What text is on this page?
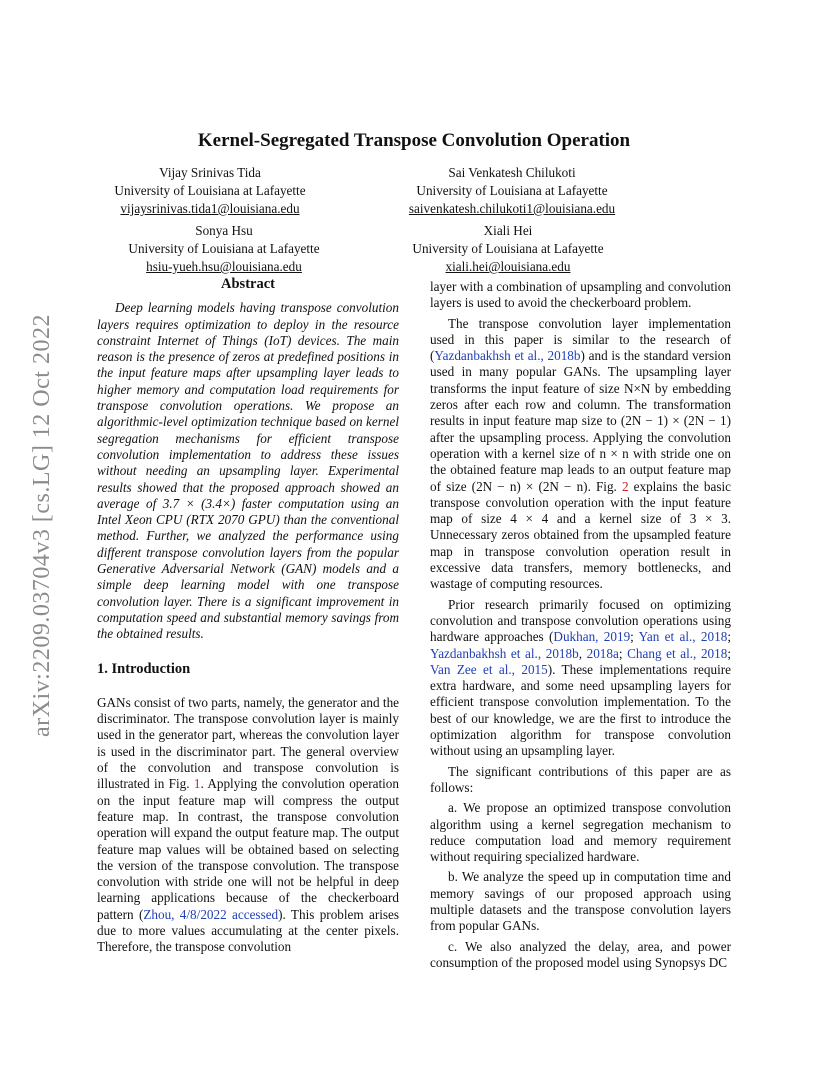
arXiv:2209.03704v3 [cs.LG] 12 Oct 2022
Kernel-Segregated Transpose Convolution Operation
Vijay Srinivas Tida
University of Louisiana at Lafayette
vijaysrinivas.tida1@louisiana.edu
Sai Venkatesh Chilukoti
University of Louisiana at Lafayette
saivenkatesh.chilukoti1@louisiana.edu
Sonya Hsu
University of Louisiana at Lafayette
hsiu-yueh.hsu@louisiana.edu
Xiali Hei
University of Louisiana at Lafayette
xiali.hei@louisiana.edu

Abstract

Deep learning models having transpose convolution layers requires optimization to deploy in the resource constraint Internet of Things (IoT) devices. The main reason is the presence of zeros at predefined positions in the input feature maps after upsampling layer leads to higher memory and computation load requirements for transpose convolution operations. We propose an algorithmic-level optimization technique based on kernel segregation mechanisms for efficient transpose convolution implementation to address these issues without needing an upsampling layer. Experimental results showed that the proposed approach showed an average of 3.7 × (3.4×) faster computation using an Intel Xeon CPU (RTX 2070 GPU) than the conventional method. Further, we analyzed the performance using different transpose convolution layers from the popular Generative Adversarial Network (GAN) models and a simple deep learning model with one transpose convolution layer. There is a significant improvement in computation speed and substantial memory savings from the obtained results.

1. Introduction

GANs consist of two parts, namely, the generator and the discriminator. The transpose convolution layer is mainly used in the generator part, whereas the convolution layer is used in the discriminator part. The general overview of the convolution and transpose convolution is illustrated in Fig. 1. Applying the convolution operation on the input feature map will compress the output feature map. In contrast, the transpose convolution operation will expand the output feature map. The output feature map values will be obtained based on selecting the version of the transpose convolution. The transpose convolution with stride one will not be helpful in deep learning applications because of the checkerboard pattern (Zhou, 4/8/2022 accessed). This problem arises due to more values accumulating at the center pixels. Therefore, the transpose convolution

layer with a combination of upsampling and convolution layers is used to avoid the checkerboard problem.

The transpose convolution layer implementation used in this paper is similar to the research of (Yazdanbakhsh et al., 2018b) and is the standard version used in many popular GANs. The upsampling layer transforms the input feature of size N×N by embedding zeros after each row and column. The transformation results in input feature map size to (2N − 1) × (2N − 1) after the upsampling process. Applying the convolution operation with a kernel size of n × n with stride one on the obtained feature map leads to an output feature map of size (2N − n) × (2N − n). Fig. 2 explains the basic transpose convolution operation with the input feature map of size 4 × 4 and a kernel size of 3 × 3. Unnecessary zeros obtained from the upsampled feature map in transpose convolution operation result in excessive data transfers, memory bottlenecks, and wastage of computing resources.

Prior research primarily focused on optimizing convolution and transpose convolution operations using hardware approaches (Dukhan, 2019; Yan et al., 2018; Yazdanbakhsh et al., 2018b, 2018a; Chang et al., 2018; Van Zee et al., 2015). These implementations require extra hardware, and some need upsampling layers for efficient transpose convolution implementation. To the best of our knowledge, we are the first to introduce the optimization algorithm for transpose convolution without using an upsampling layer.

The significant contributions of this paper are as follows:

a. We propose an optimized transpose convolution algorithm using a kernel segregation mechanism to reduce computation load and memory requirement without requiring specialized hardware.

b. We analyze the speed up in computation time and memory savings of our proposed approach using multiple datasets and the transpose convolution layers from popular GANs.

c. We also analyzed the delay, area, and power consumption of the proposed model using Synopsys DC
